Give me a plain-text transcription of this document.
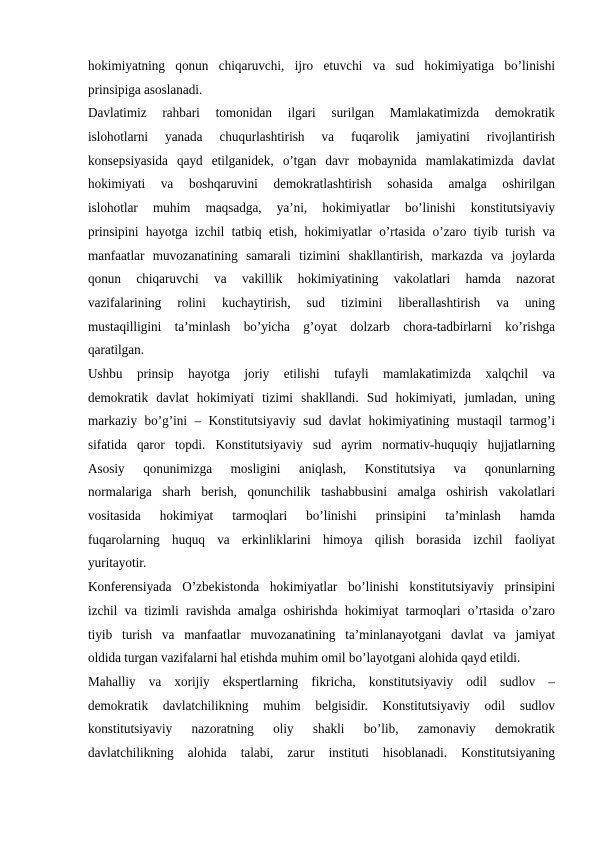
hokimiyatning qonun chiqaruvchi, ijro etuvchi va sud hokimiyatiga bo’linishi
prinsipiga asoslanadi.
Davlatimiz rahbari tomonidan ilgari surilgan Mamlakatimizda demokratik
islohotlarni yanada chuqurlashtirish va fuqarolik jamiyatini rivojlantirish
konsepsiyasida qayd etilganidek, o’tgan davr mobaynida mamlakatimizda davlat
hokimiyati va boshqaruvini demokratlashtirish sohasida amalga oshirilgan
islohotlar muhim maqsadga, ya’ni, hokimiyatlar bo’linishi konstitutsiyaviy
prinsipini hayotga izchil tatbiq etish, hokimiyatlar o’rtasida o’zaro tiyib turish va
manfaatlar muvozanatining samarali tizimini shakllantirish, markazda va joylarda
qonun chiqaruvchi va vakillik hokimiyatining vakolatlari hamda nazorat
vazifalarining rolini kuchaytirish, sud tizimini liberallashtirish va uning
mustaqilligini ta’minlash bo’yicha g’oyat dolzarb chora-tadbirlarni ko’rishga
qaratilgan.
Ushbu prinsip hayotga joriy etilishi tufayli mamlakatimizda xalqchil va
demokratik davlat hokimiyati tizimi shakllandi. Sud hokimiyati, jumladan, uning
markaziy bo’g’ini – Konstitutsiyaviy sud davlat hokimiyatining mustaqil tarmog’i
sifatida qaror topdi. Konstitutsiyaviy sud ayrim normativ-huquqiy hujjatlarning
Asosiy qonunimizga mosligini aniqlash, Konstitutsiya va qonunlarning
normalariga sharh berish, qonunchilik tashabbusini amalga oshirish vakolatlari
vositasida hokimiyat tarmoqlari bo’linishi prinsipini ta’minlash hamda
fuqarolarning huquq va erkinliklarini himoya qilish borasida izchil faoliyat
yuritayotir.
Konferensiyada O’zbekistonda hokimiyatlar bo’linishi konstitutsiyaviy prinsipini
izchil va tizimli ravishda amalga oshirishda hokimiyat tarmoqlari o’rtasida o’zaro
tiyib turish va manfaatlar muvozanatining ta’minlanayotgani davlat va jamiyat
oldida turgan vazifalarni hal etishda muhim omil bo’layotgani alohida qayd etildi.
Mahalliy va xorijiy ekspertlarning fikricha, konstitutsiyaviy odil sudlov –
demokratik davlatchilikning muhim belgisidir. Konstitutsiyaviy odil sudlov
konstitutsiyaviy nazoratning oliy shakli bo’lib, zamonaviy demokratik
davlatchilikning alohida talabi, zarur instituti hisoblanadi. Konstitutsiyaning
